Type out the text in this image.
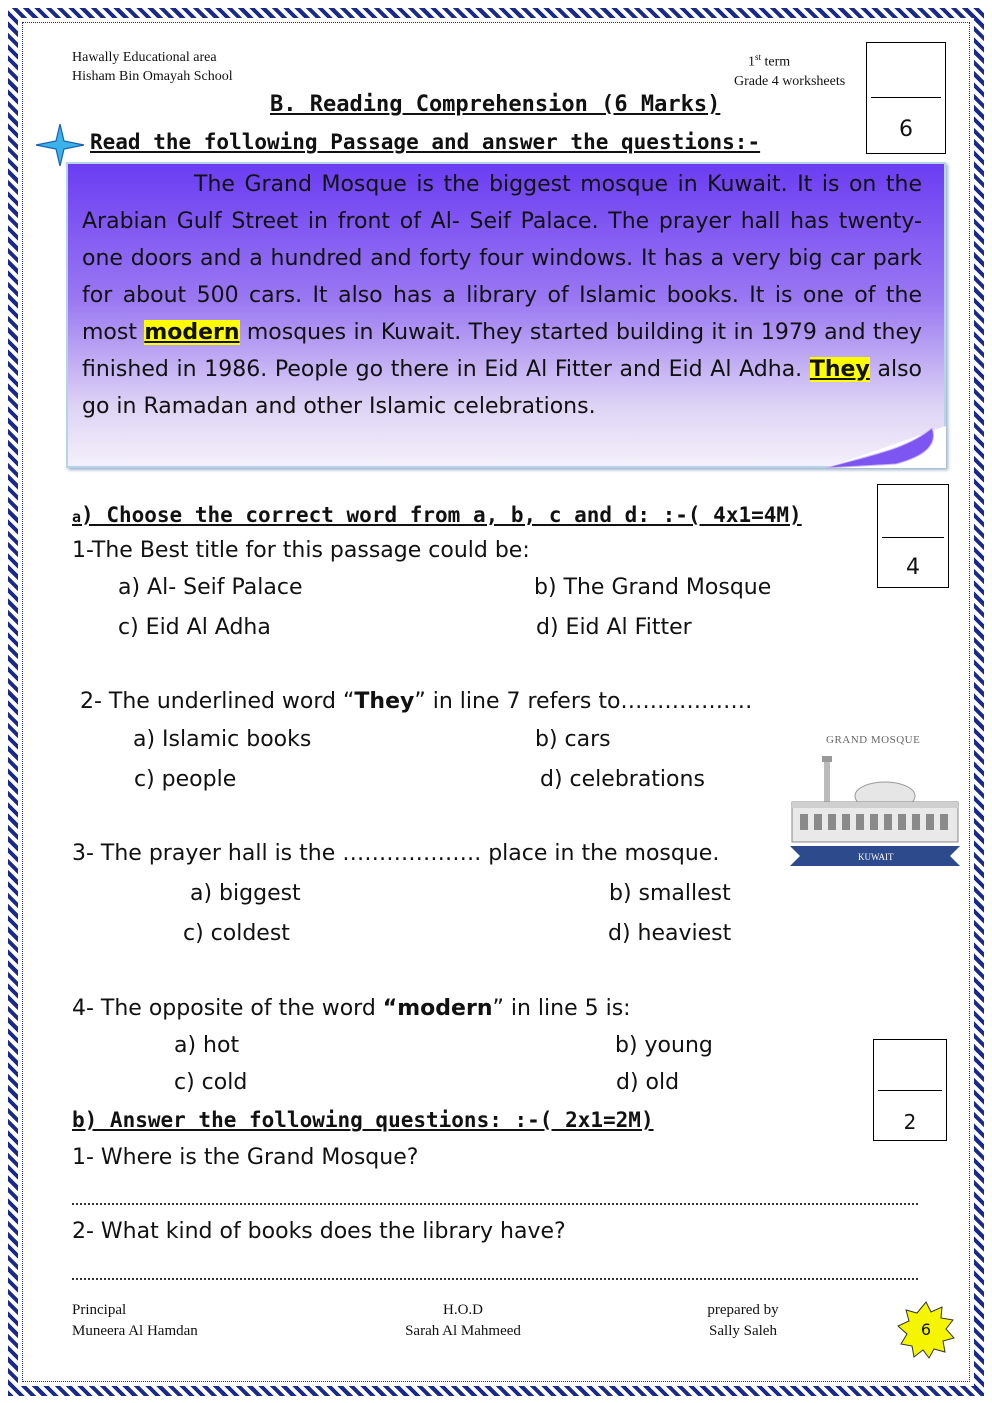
Hawally Educational area
Hisham Bin Omayah School
1st term
Grade 4 worksheets
6
B. Reading Comprehension (6 Marks)
Read the following Passage and answer the questions:-
The Grand Mosque is the biggest mosque in Kuwait. It is on the Arabian Gulf Street in front of Al- Seif Palace. The prayer hall has twenty-one doors and a hundred and forty four windows. It has a very big car park for about 500 cars. It also has a library of Islamic books. It is one of the most modern mosques in Kuwait. They started building it in 1979 and they finished in 1986. People go there in Eid Al Fitter and Eid Al Adha. They also go in Ramadan and other Islamic celebrations.
4
a) Choose the correct word from a, b, c and d: :-( 4x1=4M)
1-The Best title for this passage could be:
a) Al- Seif Palace	b) The Grand Mosque
c) Eid Al Adha	d) Eid Al Fitter
2- The underlined word “They” in line 7 refers to………………
a) Islamic books	b) cars
c) people	d) celebrations
GRAND MOSQUE
KUWAIT
3- The prayer hall is the ………………. place in the mosque.
a) biggest	b) smallest
c) coldest	d) heaviest
4- The opposite of the word “modern” in line 5 is:
a) hot	b) young
c) cold	d) old
2
b) Answer the following questions: :-( 2x1=2M)
1- Where is the Grand Mosque?
2- What kind of books does the library have?
Principal
Muneera Al Hamdan
H.O.D
Sarah Al Mahmeed
prepared by
Sally Saleh	6
